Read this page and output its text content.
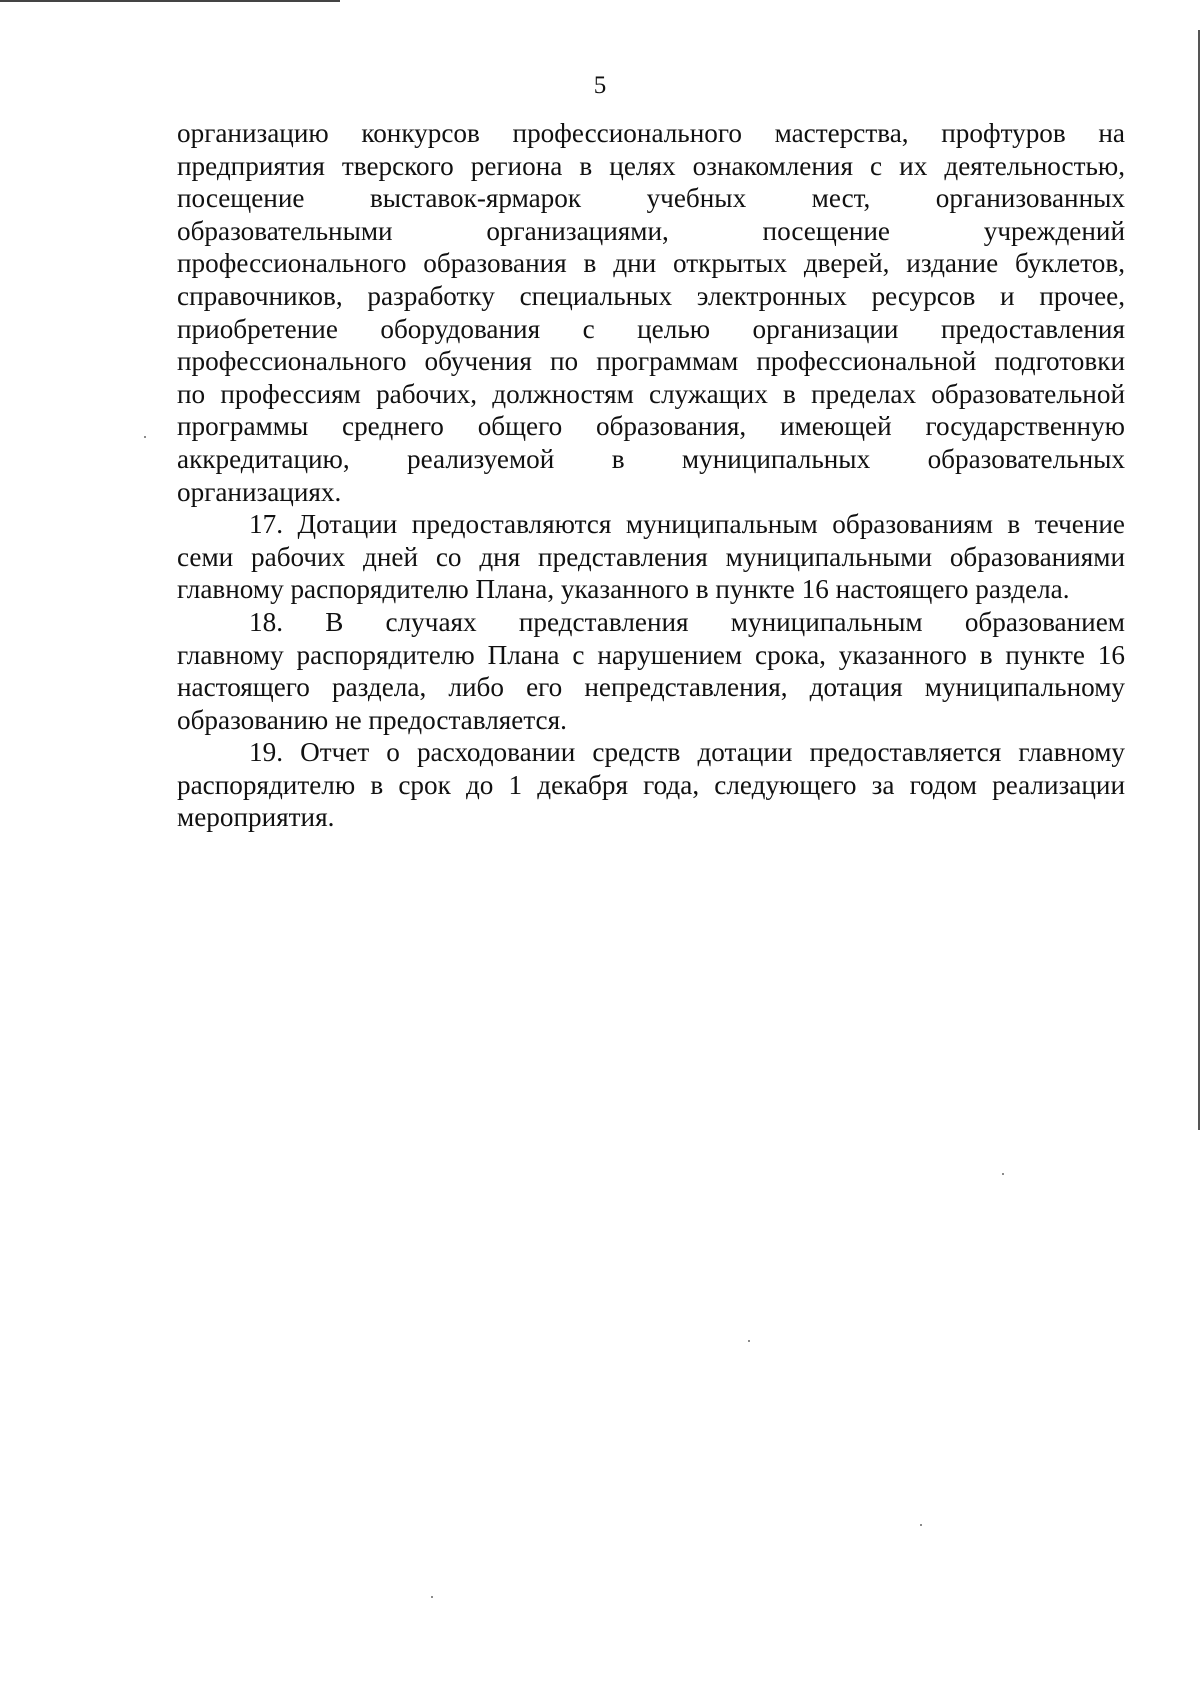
5
организацию конкурсов профессионального мастерства, профтуров на
предприятия тверского региона в целях ознакомления с их деятельностью,
посещение выставок-ярмарок учебных мест, организованных
образовательными организациями, посещение учреждений
профессионального образования в дни открытых дверей, издание буклетов,
справочников, разработку специальных электронных ресурсов и прочее,
приобретение оборудования с целью организации предоставления
профессионального обучения по программам профессиональной подготовки
по профессиям рабочих, должностям служащих в пределах образовательной
программы среднего общего образования, имеющей государственную
аккредитацию, реализуемой в муниципальных образовательных
организациях.
17. Дотации предоставляются муниципальным образованиям в течение
семи рабочих дней со дня представления муниципальными образованиями
главному распорядителю Плана, указанного в пункте 16 настоящего раздела.
18. В случаях представления муниципальным образованием
главному распорядителю Плана с нарушением срока, указанного в пункте 16
настоящего раздела, либо его непредставления, дотация муниципальному
образованию не предоставляется.
19. Отчет о расходовании средств дотации предоставляется главному
распорядителю в срок до 1 декабря года, следующего за годом реализации
мероприятия.
